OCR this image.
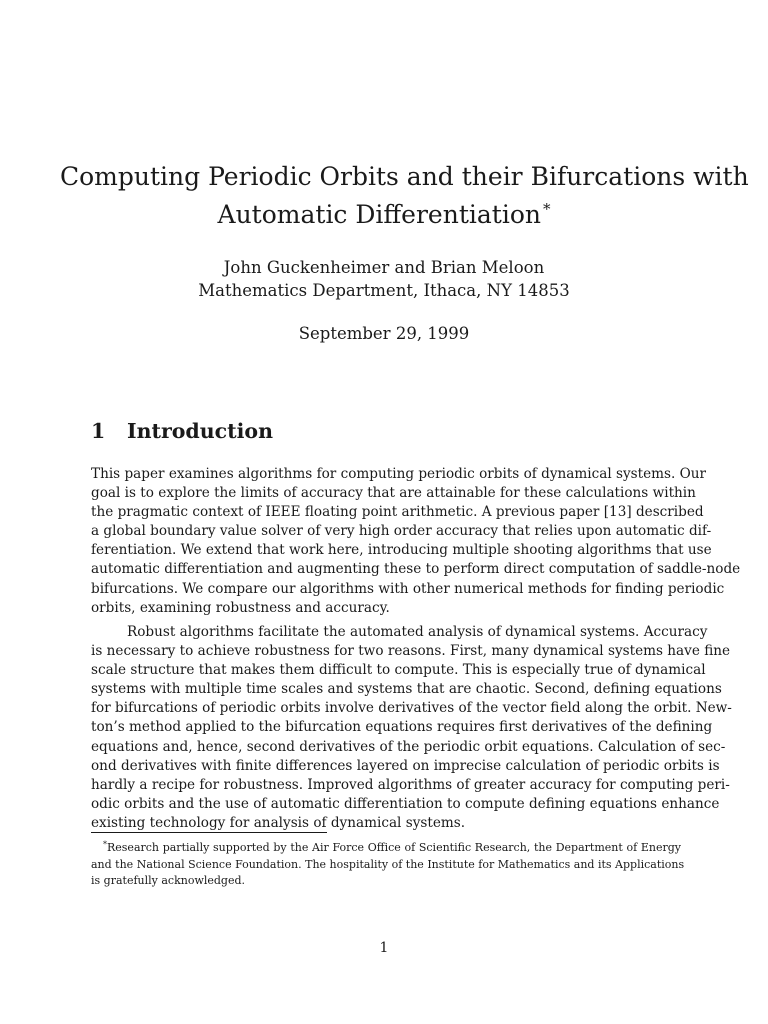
Computing Periodic Orbits and their Bifurcations with
Automatic Differentiation *
John Guckenheimer and Brian Meloon
Mathematics Department, Ithaca, NY 14853
September 29, 1999
1 Introduction
This paper examines algorithms for computing periodic orbits of dynamical systems. Our
goal is to explore the limits of accuracy that are attainable for these calculations within
the pragmatic context of IEEE floating point arithmetic. A previous paper [13] described
a global boundary value solver of very high order accuracy that relies upon automatic dif-
ferentiation. We extend that work here, introducing multiple shooting algorithms that use
automatic differentiation and augmenting these to perform direct computation of saddle-node
bifurcations. We compare our algorithms with other numerical methods for finding periodic
orbits, examining robustness and accuracy.
Robust algorithms facilitate the automated analysis of dynamical systems. Accuracy
is necessary to achieve robustness for two reasons. First, many dynamical systems have fine
scale structure that makes them difficult to compute. This is especially true of dynamical
systems with multiple time scales and systems that are chaotic. Second, defining equations
for bifurcations of periodic orbits involve derivatives of the vector field along the orbit. New-
ton’s method applied to the bifurcation equations requires first derivatives of the defining
equations and, hence, second derivatives of the periodic orbit equations. Calculation of sec-
ond derivatives with finite differences layered on imprecise calculation of periodic orbits is
hardly a recipe for robustness. Improved algorithms of greater accuracy for computing peri-
odic orbits and the use of automatic differentiation to compute defining equations enhance
existing technology for analysis of dynamical systems.
*Research partially supported by the Air Force Office of Scientific Research, the Department of Energy
and the National Science Foundation. The hospitality of the Institute for Mathematics and its Applications
is gratefully acknowledged.
1
